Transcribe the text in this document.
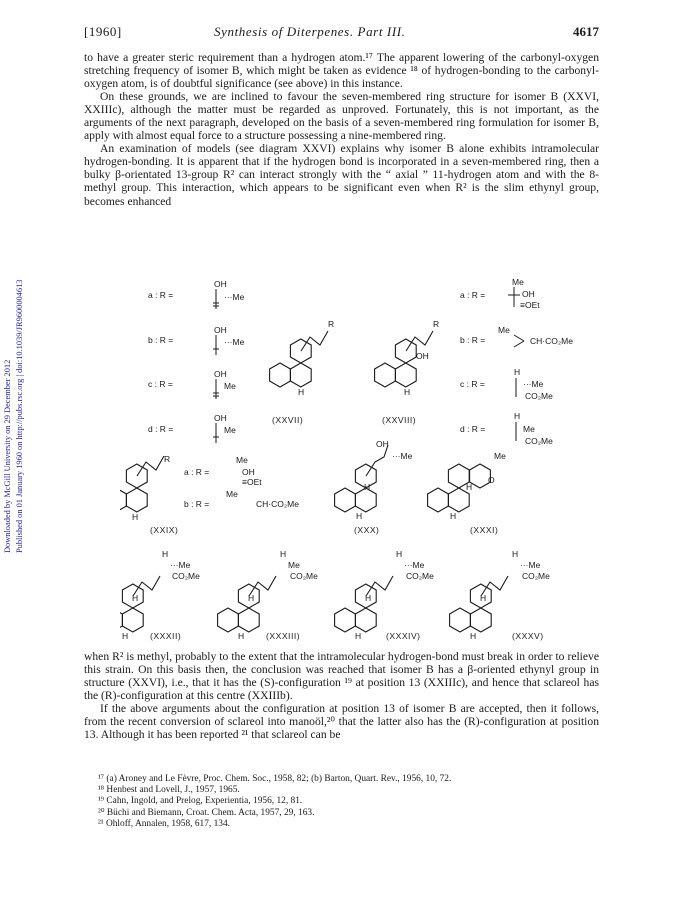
Downloaded by McGill University on 29 December 2012 Published on 01 January 1960 on http://pubs.rsc.org | doi:10.1039/JR9600004613
[1960]	Synthesis of Diterpenes. Part III.	4617

to have a greater steric requirement than a hydrogen atom.¹⁷ The apparent lowering of the carbonyl-oxygen stretching frequency of isomer B, which might be taken as evidence ¹⁸ of hydrogen-bonding to the carbonyl-oxygen atom, is of doubtful significance (see above) in this instance.

On these grounds, we are inclined to favour the seven-membered ring structure for isomer B (XXVI, XXIIIc), although the matter must be regarded as unproved. Fortunately, this is not important, as the arguments of the next paragraph, developed on the basis of a seven-membered ring formulation for isomer B, apply with almost equal force to a structure possessing a nine-membered ring.

An examination of models (see diagram XXVI) explains why isomer B alone exhibits intramolecular hydrogen-bonding. It is apparent that if the hydrogen bond is incorporated in a seven-membered ring, then a bulky β-orientated 13-group R² can interact strongly with the “ axial ” 11-hydrogen atom and with the 8-methyl group. This interaction, which appears to be significant even when R² is the slim ethynyl group, becomes enhanced

a : R =
OH
···Me
b : R =
OH
···Me
c : R =
OH
Me
d : R =
OH
Me
R
H
(XXVII)
R
OH
H
(XXVIII)
a : R =
Me
OH
≡OEt
b : R =
Me
CH·CO₂Me
c : R =
H
···Me
CO₂Me
d : R =
H
Me
CO₂Me
R
H
(XXIX)
a : R =
Me
OH
≡OEt
b : R =
Me
CH·CO₂Me
OH
···Me
H
H
(XXX)
H
O
Me
H
(XXXI)
H
···Me
CO₂Me
H
H	(XXXII)
H
Me
CO₂Me
H
H	(XXXIII)
H
···Me
CO₂Me
H
H	(XXXIV)
H
···Me
CO₂Me
H
H	(XXXV)

when R² is methyl, probably to the extent that the intramolecular hydrogen-bond must break in order to relieve this strain. On this basis then, the conclusion was reached that isomer B has a β-oriented ethynyl group in structure (XXVI), i.e., that it has the (S)-configuration ¹⁹ at position 13 (XXIIIc), and hence that sclareol has the (R)-configuration at this centre (XXIIIb).

If the above arguments about the configuration at position 13 of isomer B are accepted, then it follows, from the recent conversion of sclareol into manoöl,²⁰ that the latter also has the (R)-configuration at position 13. Although it has been reported ²¹ that sclareol can be

¹⁷ (a) Aroney and Le Fèvre, Proc. Chem. Soc., 1958, 82; (b) Barton, Quart. Rev., 1956, 10, 72.
¹⁸ Henbest and Lovell, J., 1957, 1965.
¹⁹ Cahn, Ingold, and Prelog, Experientia, 1956, 12, 81.
²⁰ Büchi and Biemann, Croat. Chem. Acta, 1957, 29, 163.
²¹ Ohloff, Annalen, 1958, 617, 134.
